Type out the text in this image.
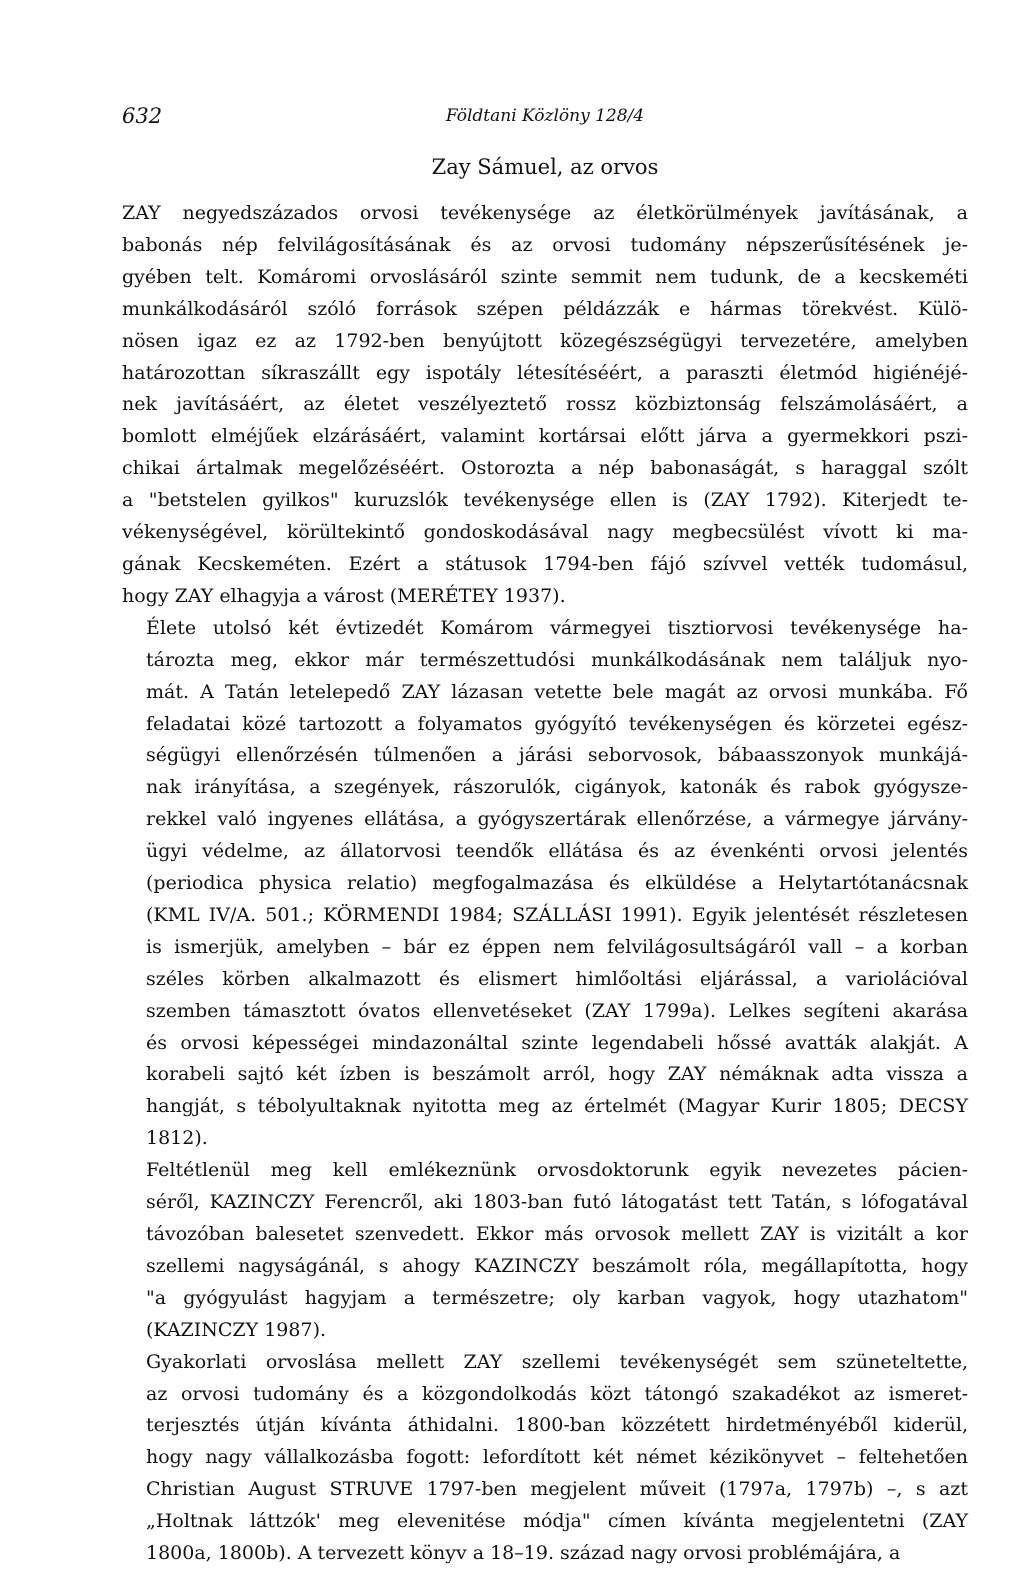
632	Földtani Közlöny 128/4
Zay Sámuel, az orvos

ZAY negyedszázados orvosi tevékenysége az életkörülmények javításának, a
babonás nép felvilágosításának és az orvosi tudomány népszerűsítésének je-
gyében telt. Komáromi orvoslásáról szinte semmit nem tudunk, de a kecskeméti
munkálkodásáról szóló források szépen példázzák e hármas törekvést. Külö-
nösen igaz ez az 1792-ben benyújtott közegészségügyi tervezetére, amelyben
határozottan síkraszállt egy ispotály létesítéséért, a paraszti életmód higiénéjé-
nek javításáért, az életet veszélyeztető rossz közbiztonság felszámolásáért, a
bomlott elméjűek elzárásáért, valamint kortársai előtt járva a gyermekkori pszi-
chikai ártalmak megelőzéséért. Ostorozta a nép babonaságát, s haraggal szólt
a "betstelen gyilkos" kuruzslók tevékenysége ellen is (ZAY 1792). Kiterjedt te-
vékenységével, körültekintő gondoskodásával nagy megbecsülést vívott ki ma-
gának Kecskeméten. Ezért a státusok 1794-ben fájó szívvel vették tudomásul,
hogy ZAY elhagyja a várost (MERÉTEY 1937).

Élete utolsó két évtizedét Komárom vármegyei tisztiorvosi tevékenysége ha-
tározta meg, ekkor már természettudósi munkálkodásának nem találjuk nyo-
mát. A Tatán letelepedő ZAY lázasan vetette bele magát az orvosi munkába. Fő
feladatai közé tartozott a folyamatos gyógyító tevékenységen és körzetei egész-
ségügyi ellenőrzésén túlmenően a járási seborvosok, bábaasszonyok munkájá-
nak irányítása, a szegények, rászorulók, cigányok, katonák és rabok gyógysze-
rekkel való ingyenes ellátása, a gyógyszertárak ellenőrzése, a vármegye járvány-
ügyi védelme, az állatorvosi teendők ellátása és az évenkénti orvosi jelentés
(periodica physica relatio) megfogalmazása és elküldése a Helytartótanácsnak
(KML IV/A. 501.; KÖRMENDI 1984; SZÁLLÁSI 1991). Egyik jelentését részletesen
is ismerjük, amelyben – bár ez éppen nem felvilágosultságáról vall – a korban
széles körben alkalmazott és elismert himlőoltási eljárással, a variolációval
szemben támasztott óvatos ellenvetéseket (ZAY 1799a). Lelkes segíteni akarása
és orvosi képességei mindazonáltal szinte legendabeli hőssé avatták alakját. A
korabeli sajtó két ízben is beszámolt arról, hogy ZAY némáknak adta vissza a
hangját, s tébolyultaknak nyitotta meg az értelmét (Magyar Kurir 1805; DECSY
1812).

Feltétlenül meg kell emlékeznünk orvosdoktorunk egyik nevezetes pácien-
séről, KAZINCZY Ferencről, aki 1803-ban futó látogatást tett Tatán, s lófogatával
távozóban balesetet szenvedett. Ekkor más orvosok mellett ZAY is vizitált a kor
szellemi nagyságánál, s ahogy KAZINCZY beszámolt róla, megállapította, hogy
"a gyógyulást hagyjam a természetre; oly karban vagyok, hogy utazhatom"
(KAZINCZY 1987).

Gyakorlati orvoslása mellett ZAY szellemi tevékenységét sem szüneteltette,
az orvosi tudomány és a közgondolkodás közt tátongó szakadékot az ismeret-
terjesztés útján kívánta áthidalni. 1800-ban közzétett hirdetményéből kiderül,
hogy nagy vállalkozásba fogott: lefordított két német kézikönyvet – feltehetően
Christian August STRUVE 1797-ben megjelent műveit (1797a, 1797b) –, s azt
„Holtnak láttzók' meg elevenitése módja" címen kívánta megjelentetni (ZAY
1800a, 1800b). A tervezett könyv a 18–19. század nagy orvosi problémájára, a
